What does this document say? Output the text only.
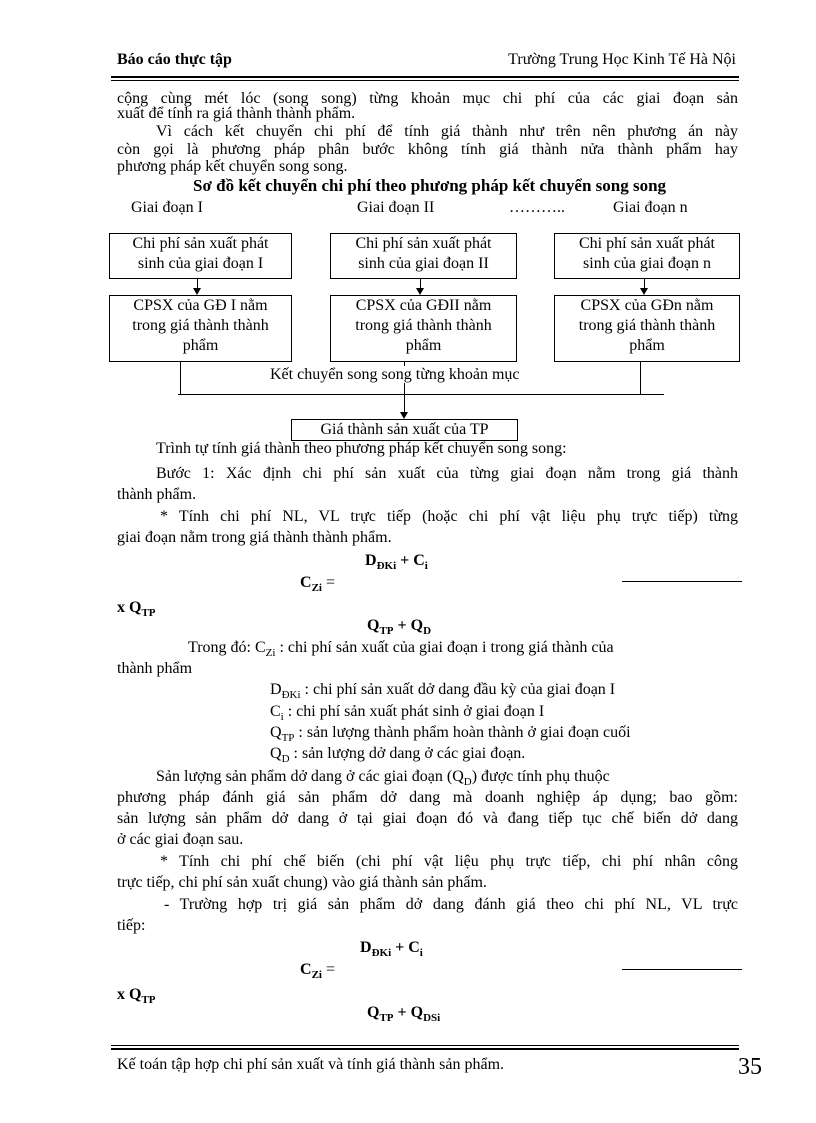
Báo cáo thực tập	Trường Trung Học Kinh Tế Hà Nội
cộng cùng mét lóc (song song) từng khoản mục chi phí của các giai đoạn sản
xuất để tính ra giá thành thành phẩm.
Vì cách kết chuyển chi phí để tính giá thành như trên nên phương án này
còn gọi là phương pháp phân bước không tính giá thành nửa thành phẩm hay
phương pháp kết chuyển song song.
Sơ đồ kết chuyển chi phí theo phương pháp kết chuyển song song
Giai đoạn I	Giai đoạn II	………..	Giai đoạn n
Chi phí sản xuất phát
sinh của giai đoạn I
Chi phí sản xuất phát
sinh của giai đoạn II
Chi phí sản xuất phát
sinh của giai đoạn n
CPSX của GĐ I nằm
trong giá thành thành
phẩm
CPSX của GĐII nằm
trong giá thành thành
phẩm
CPSX của GĐn nằm
trong giá thành thành
phẩm
Kết chuyển song song từng khoản mục
Giá thành sản xuất của TP
Trình tự tính giá thành theo phương pháp kết chuyển song song:
Bước 1: Xác định chi phí sản xuất của từng giai đoạn nằm trong giá thành
thành phẩm.
* Tính chi phí NL, VL trực tiếp (hoặc chi phí vật liệu phụ trực tiếp) từng
giai đoạn nằm trong giá thành thành phẩm.
$D_{ĐKi} + C_i$
$C_{Zi}$ =
x $Q_{TP}$
$Q_{TP} + Q_D$
Trong đó: $C_{Zi}$ : chi phí sản xuất của giai đoạn i trong giá thành của
thành phẩm
$D_{ĐKi}$ : chi phí sản xuất dở dang đầu kỳ của giai đoạn I
$C_i$ : chi phí sản xuất phát sinh ở giai đoạn I
$Q_{TP}$ : sản lượng thành phẩm hoàn thành ở giai đoạn cuối
$Q_D$ : sản lượng dở dang ở các giai đoạn.
Sản lượng sản phẩm dở dang ở các giai đoạn $(Q_D)$ được tính phụ thuộc
phương pháp đánh giá sản phẩm dở dang mà doanh nghiệp áp dụng; bao gồm:
sản lượng sản phẩm dở dang ở tại giai đoạn đó và đang tiếp tục chế biến dở dang
ở các giai đoạn sau.
* Tính chi phí chế biến (chi phí vật liệu phụ trực tiếp, chi phí nhân công
trực tiếp, chi phí sản xuất chung) vào giá thành sản phẩm.
- Trường hợp trị giá sản phẩm dở dang đánh giá theo chi phí NL, VL trực
tiếp:
$D_{ĐKi} + C_i$
$C_{Zi}$ =
x $Q_{TP}$
$Q_{TP} + Q_{DSi}$
Kế toán tập hợp chi phí sản xuất và tính giá thành sản phẩm.	35
